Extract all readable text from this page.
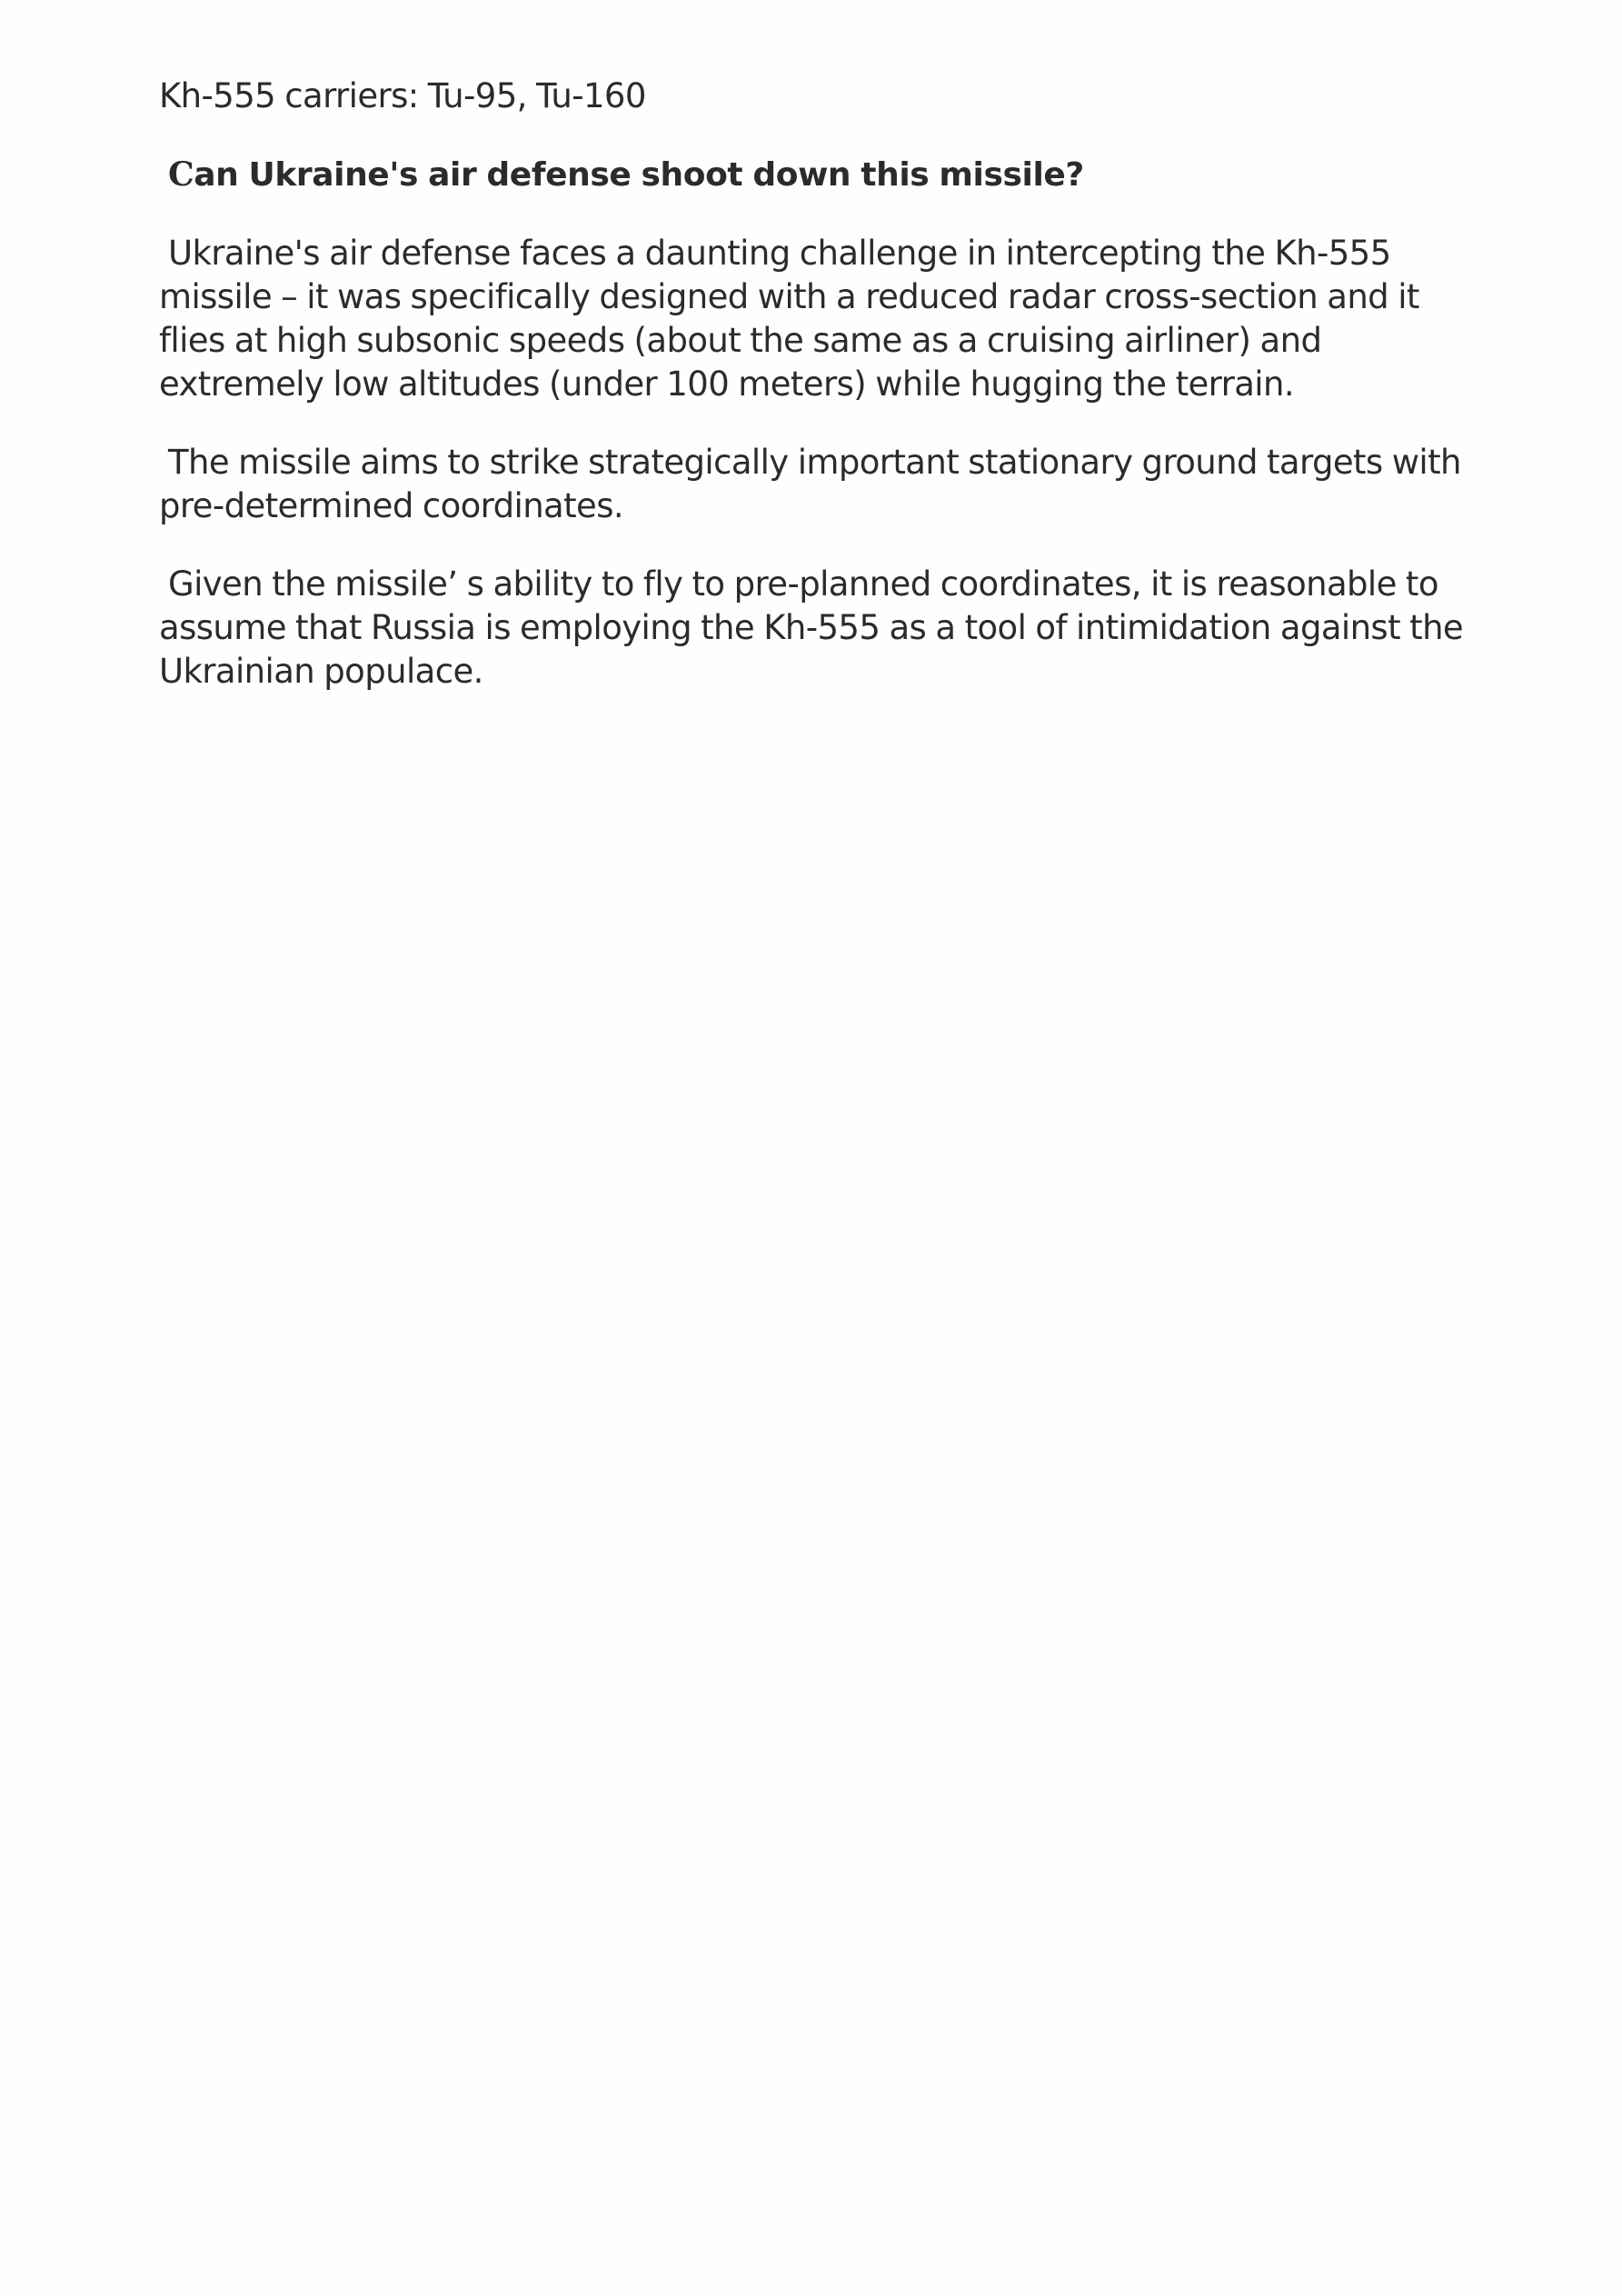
Kh-555 carriers: Tu-95, Tu-160

Can Ukraine's air defense shoot down this missile?

Ukraine's air defense faces a daunting challenge in intercepting the Kh-555 missile – it was specifically designed with a reduced radar cross-section and it flies at high subsonic speeds (about the same as a cruising airliner) and extremely low altitudes (under 100 meters) while hugging the terrain.

The missile aims to strike strategically important stationary ground targets with pre-determined coordinates.

Given the missile’ s ability to fly to pre-planned coordinates, it is reasonable to assume that Russia is employing the Kh-555 as a tool of intimidation against the Ukrainian populace.
